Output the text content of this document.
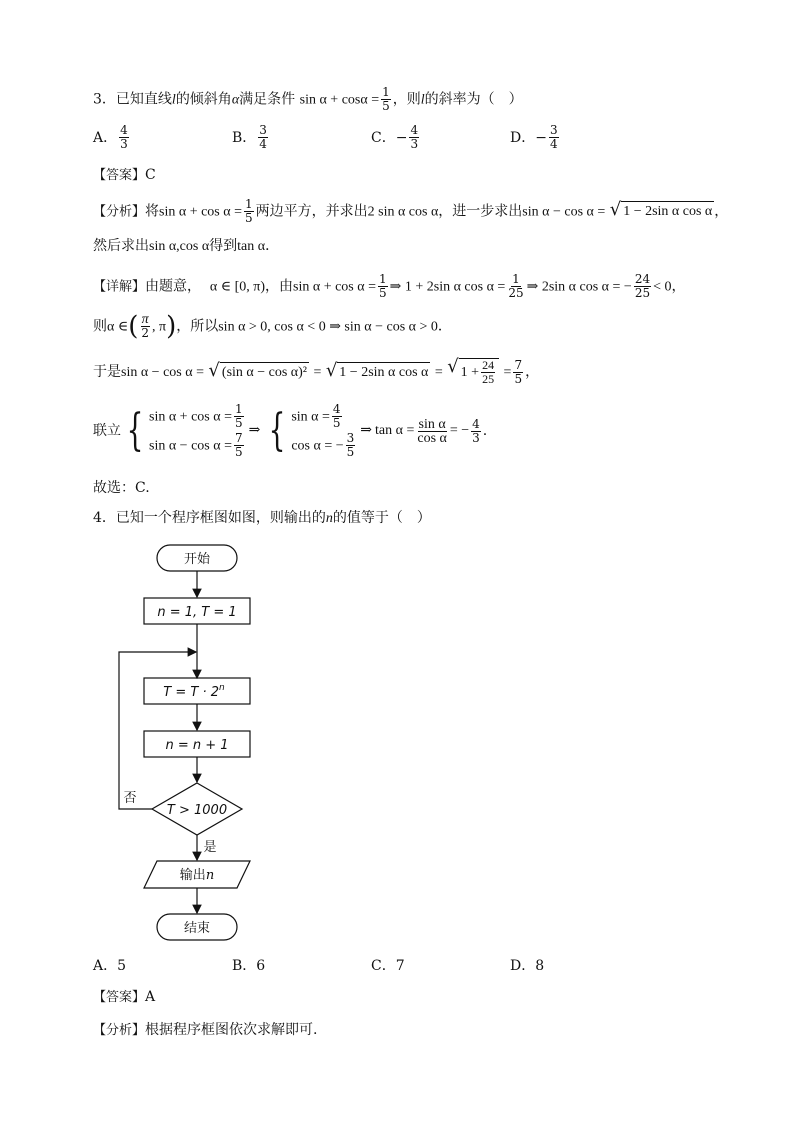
3．已知直线l的倾斜角α满足条件 $\sin \alpha + \cos\alpha = \frac{1}{5}$ ，则l的斜率为（　）
A． $\frac{4}{3}$	B． $\frac{3}{4}$	C． − $\frac{4}{3}$	D． − $\frac{3}{4}$
【答案】C
【分析】将$\sin \alpha + \cos \alpha = \frac{1}{5}$ 两边平方，并求出2 sin α cos α，进一步求出sin α − cos α = √ 1 − 2sin α cos α ，
然后求出sin α,cos α得到tan α．
【详解】由题意， α ∈ [0, π)，由$\sin \alpha + \cos \alpha = \frac{1}{5}$ ⇒ 1 + 2sin α $\cos \alpha = \frac{1}{25}$ ⇒ 2sin α cos α = − $\frac{24}{25} < 0$，
则α ∈( $\frac{\pi}{2}$ , π)，所以sin α > 0, cos α < 0 ⇒ sin α − cos α > 0．
于是sin α − cos α = √ (sin α − cos α)² = √ 1 − 2sin α cos α = √ $1 + \frac{24}{25} = \frac{7}{5}$ ，
联立 { $\sin \alpha + \cos \alpha = \frac{1}{5}$
$\sin \alpha - \cos \alpha = \frac{7}{5}$
⇒ { $\sin \alpha = \frac{4}{5}$
cos α = − $\frac{3}{5}$
⇒ $\tan \alpha = \frac{\text{sin α}}{\text{cos α}}$ = − $\frac{4}{3}$ .
故选：C.
4．已知一个程序框图如图，则输出的n的值等于（　）
开始
n = 1, T = 1
$T = T \cdot 2^n$
n = n + 1
T > 1000
否
是
输出n
结束
A． 5	B． 6	C． 7	D． 8
【答案】A
【分析】根据程序框图依次求解即可.
